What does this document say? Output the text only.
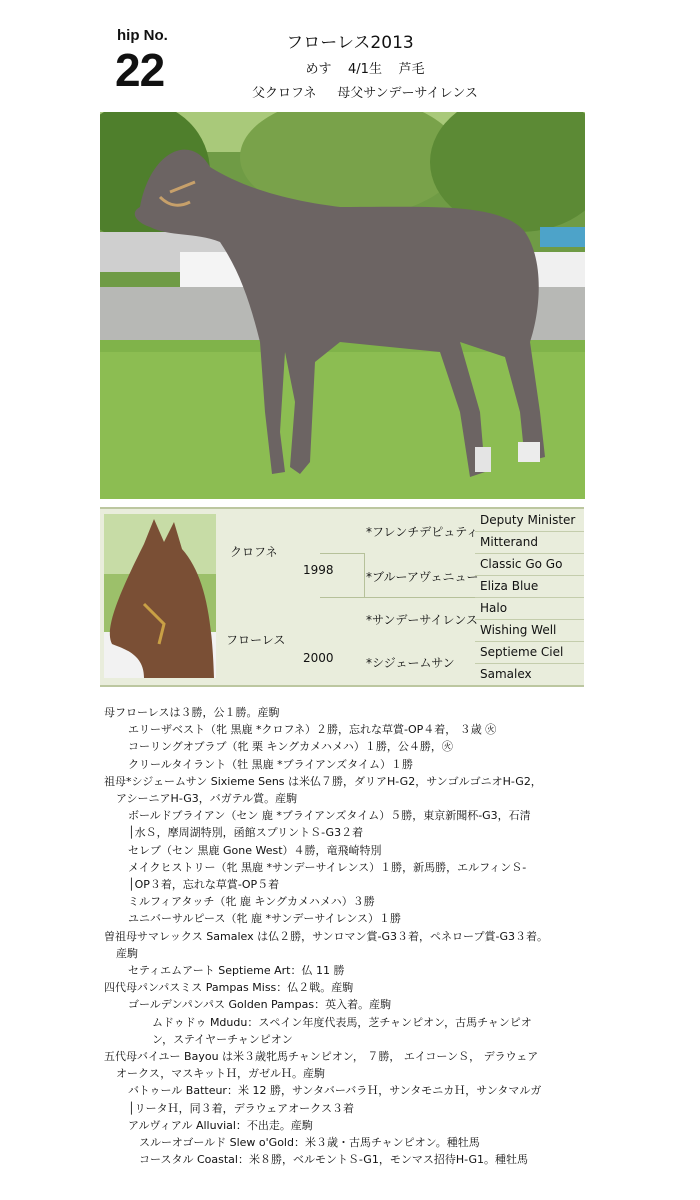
hip No.
22
フローレス2013
めす 4/1生 芦毛
父クロフネ 母父サンデーサイレンス
クロフネ
1998
フローレス
2000
*フレンチデピュティ
*ブルーアヴェニュー
*サンデーサイレンス
*シジェームサン
Deputy Minister
Mitterand
Classic Go Go
Eliza Blue
Halo
Wishing Well
Septieme Ciel
Samalex

母フローレスは３勝，公１勝。産駒

エリーザベスト（牝 黒鹿 *クロフネ）２勝，忘れな草賞-OP４着， ３歳 ㊋

コーリングオブラブ（牝 栗 キングカメハメハ）１勝，公４勝，㊋

クリールタイラント（牡 黒鹿 *ブライアンズタイム）１勝

祖母*シジェームサン Sixieme Sens は米仏７勝，ダリアH-G2，サンゴルゴニオH-G2，

アシーニアH-G3，バガテル賞。産駒

ボールドブライアン（セン 鹿 *ブライアンズタイム）５勝，東京新聞杯-G3，石清

│水Ｓ，摩周湖特別，函館スプリントＳ-G3２着

セレブ（セン 黒鹿 Gone West）４勝，竜飛崎特別

メイクヒストリー（牝 黒鹿 *サンデーサイレンス）１勝，新馬勝，エルフィンＳ-

│OP３着，忘れな草賞-OP５着

ミルフィアタッチ（牝 鹿 キングカメハメハ）３勝

ユニバーサルピース（牝 鹿 *サンデーサイレンス）１勝

曽祖母サマレックス Samalex は仏２勝，サンロマン賞-G3３着，ペネロープ賞-G3３着。

産駒

セティエムアート Septieme Art：仏 11 勝

四代母パンパスミス Pampas Miss：仏２戦。産駒

ゴールデンパンパス Golden Pampas：英入着。産駒

ムドゥドゥ Mdudu：スペイン年度代表馬，芝チャンピオン，古馬チャンピオ

ン，ステイヤーチャンピオン

五代母バイユー Bayou は米３歳牝馬チャンピオン， ７勝， エイコーンＳ， デラウェア

オークス，マスキットＨ，ガゼルＨ。産駒

バトゥール Batteur：米 12 勝，サンタバーバラＨ，サンタモニカＨ，サンタマルガ

│リータＨ，同３着，デラウェアオークス３着

アルヴィアル Alluvial：不出走。産駒

　スルーオゴールド Slew o'Gold：米３歳・古馬チャンピオン。種牡馬

　コースタル Coastal：米８勝，ベルモントＳ-G1，モンマス招待H-G1。種牡馬
